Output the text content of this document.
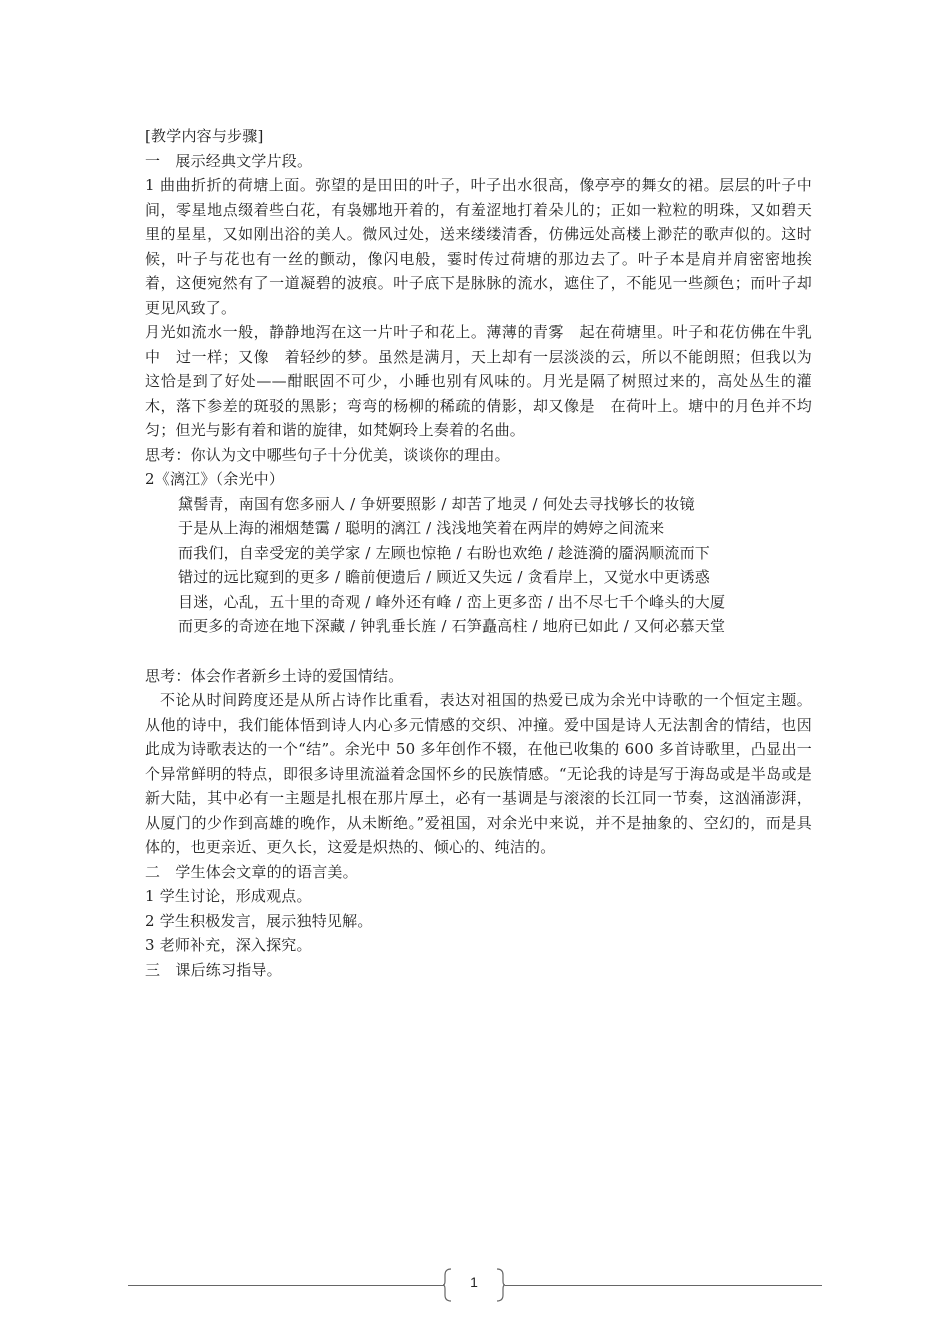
[教学内容与步骤]

一　展示经典文学片段。

1 曲曲折折的荷塘上面。弥望的是田田的叶子，叶子出水很高，像亭亭的舞女的裙。层层的叶子中间，零星地点缀着些白花，有袅娜地开着的，有羞涩地打着朵儿的；正如一粒粒的明珠，又如碧天里的星星，又如刚出浴的美人。微风过处，送来缕缕清香，仿佛远处高楼上渺茫的歌声似的。这时候，叶子与花也有一丝的颤动，像闪电般，霎时传过荷塘的那边去了。叶子本是肩并肩密密地挨着，这便宛然有了一道凝碧的波痕。叶子底下是脉脉的流水，遮住了，不能见一些颜色；而叶子却更见风致了。

月光如流水一般，静静地泻在这一片叶子和花上。薄薄的青雾　起在荷塘里。叶子和花仿佛在牛乳中　过一样；又像　着轻纱的梦。虽然是满月，天上却有一层淡淡的云，所以不能朗照；但我以为这恰是到了好处——酣眠固不可少，小睡也别有风味的。月光是隔了树照过来的，高处丛生的灌木，落下参差的斑驳的黑影；弯弯的杨柳的稀疏的倩影，却又像是　在荷叶上。塘中的月色并不均匀；但光与影有着和谐的旋律，如梵婀玲上奏着的名曲。

思考：你认为文中哪些句子十分优美，谈谈你的理由。

2《漓江》（余光中）

黛髻青，南国有您多丽人 / 争妍要照影 / 却苦了地灵 / 何处去寻找够长的妆镜

于是从上海的湘烟楚霭 / 聪明的漓江 / 浅浅地笑着在两岸的娉婷之间流来

而我们，自幸受宠的美学家 / 左顾也惊艳 / 右盼也欢绝 / 趁涟漪的靥涡顺流而下

错过的远比窥到的更多 / 瞻前便遗后 / 顾近又失远 / 贪看岸上，又觉水中更诱惑

目迷，心乱，五十里的奇观 / 峰外还有峰 / 峦上更多峦 / 出不尽七千个峰头的大厦

而更多的奇迹在地下深藏 / 钟乳垂长旌 / 石笋矗高柱 / 地府已如此 / 又何必慕天堂

思考：体会作者新乡土诗的爱国情结。

不论从时间跨度还是从所占诗作比重看，表达对祖国的热爱已成为余光中诗歌的一个恒定主题。从他的诗中，我们能体悟到诗人内心多元情感的交织、冲撞。爱中国是诗人无法割舍的情结，也因此成为诗歌表达的一个“结”。余光中 50 多年创作不辍，在他已收集的 600 多首诗歌里，凸显出一个异常鲜明的特点，即很多诗里流溢着念国怀乡的民族情感。“无论我的诗是写于海岛或是半岛或是新大陆，其中必有一主题是扎根在那片厚土，必有一基调是与滚滚的长江同一节奏，这汹涌澎湃，从厦门的少作到高雄的晚作，从未断绝。”爱祖国，对余光中来说，并不是抽象的、空幻的，而是具体的，也更亲近、更久长，这爱是炽热的、倾心的、纯洁的。

二　学生体会文章的的语言美。

1 学生讨论，形成观点。

2 学生积极发言，展示独特见解。

3 老师补充，深入探究。

三　课后练习指导。

1
